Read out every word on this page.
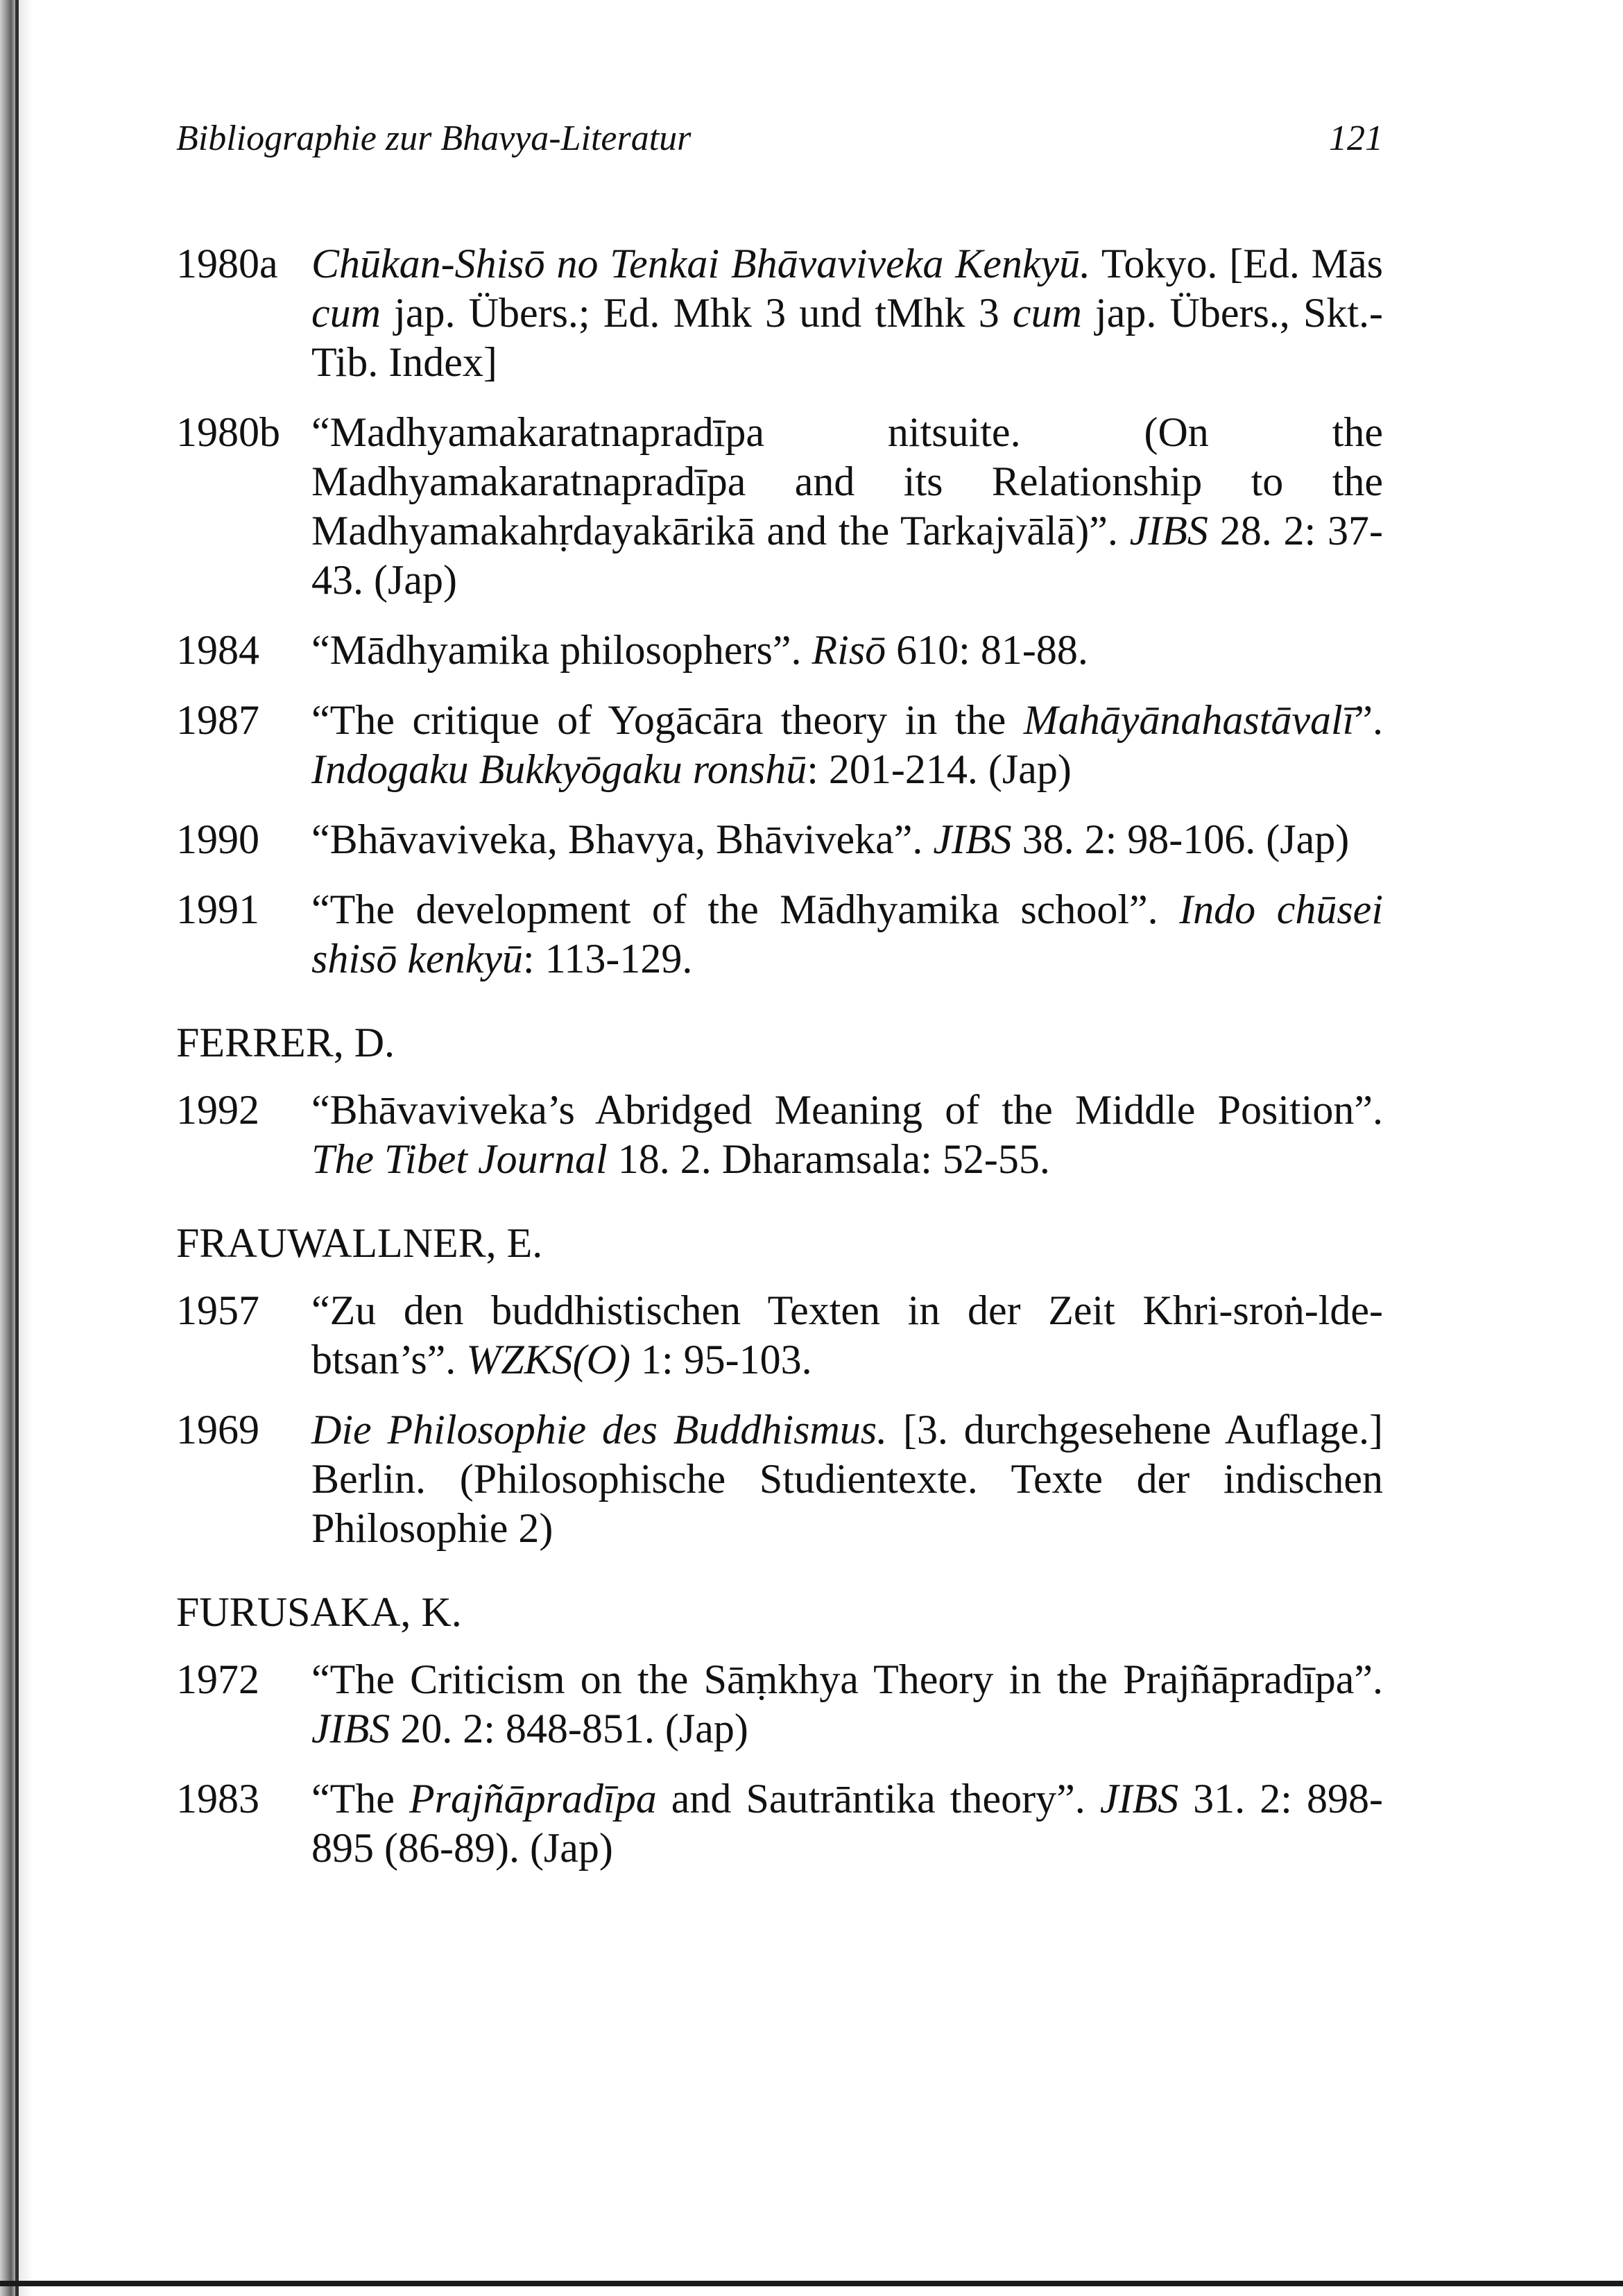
Bibliographie zur Bhavya-Literatur	121
1980a Chūkan-Shisō no Tenkai Bhāvaviveka Kenkyū. Tokyo. [Ed. Mās cum jap. Übers.; Ed. Mhk 3 und tMhk 3 cum jap. Übers., Skt.-Tib. Index]
1980b “Madhyamakaratnapradīpa nitsuite. (On the Madhyamakaratnapradīpa and its Relationship to the Madhyamakahṛdayakārikā and the Tarkajvālā)”. JIBS 28. 2: 37-43. (Jap)
1984	“Mādhyamika philosophers”. Risō 610: 81-88.
1987	“The critique of Yogācāra theory in the Mahāyānahastāvalī”. Indogaku Bukkyōgaku ronshū: 201-214. (Jap)
1990	“Bhāvaviveka, Bhavya, Bhāviveka”. JIBS 38. 2: 98-106. (Jap)
1991	“The development of the Mādhyamika school”. Indo chūsei shisō kenkyū: 113-129.
FERRER, D.
1992	“Bhāvaviveka’s Abridged Meaning of the Middle Position”. The Tibet Journal 18. 2. Dharamsala: 52-55.
FRAUWALLNER, E.
1957	“Zu den buddhistischen Texten in der Zeit Khri-sroṅ-lde-btsan’s”. WZKS(O) 1: 95-103.
1969	Die Philosophie des Buddhismus. [3. durchgesehene Auflage.] Berlin. (Philosophische Studientexte. Texte der indischen Philosophie 2)
FURUSAKA, K.
1972	“The Criticism on the Sāṃkhya Theory in the Prajñāpradīpa”. JIBS 20. 2: 848-851. (Jap)
1983	“The Prajñāpradīpa and Sautrāntika theory”. JIBS 31. 2: 898-895 (86-89). (Jap)
